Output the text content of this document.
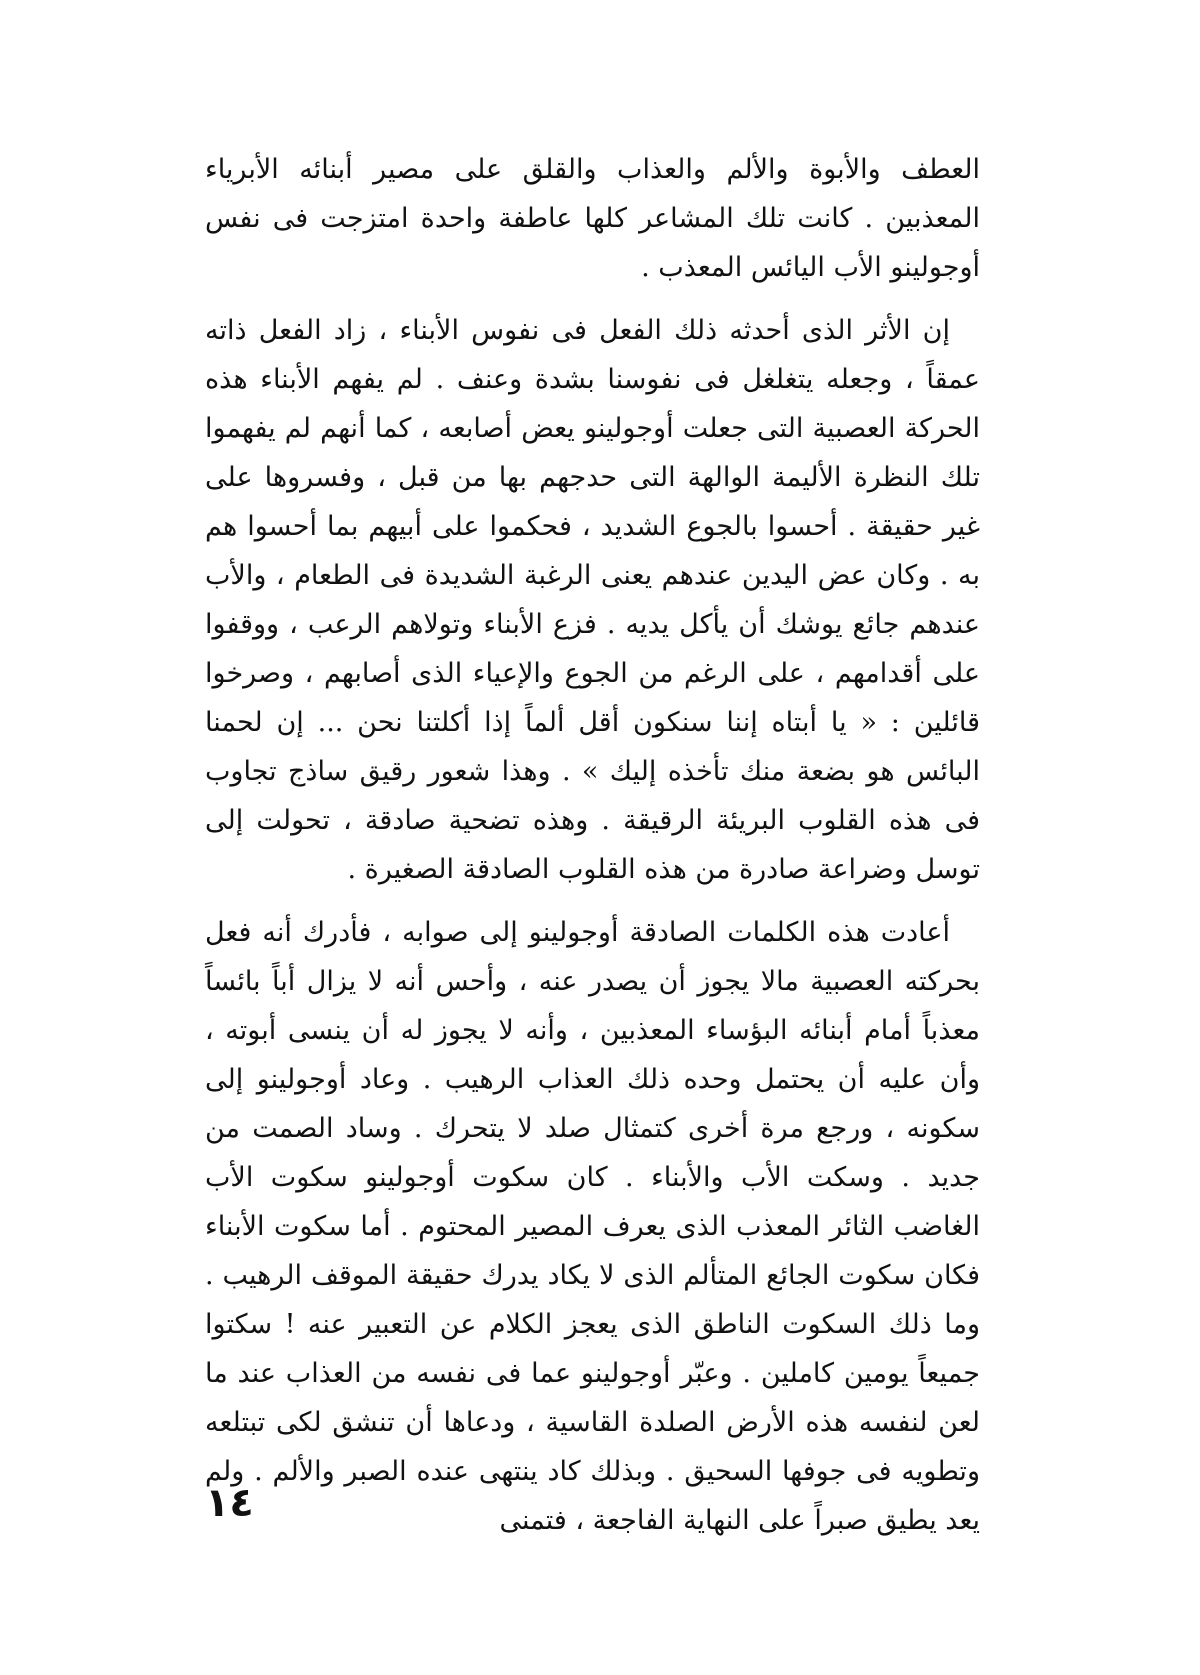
العطف والأبوة والألم والعذاب والقلق على مصير أبنائه الأبرياء المعذبين . كانت تلك المشاعر كلها عاطفة واحدة امتزجت فى نفس أوجولينو الأب اليائس المعذب .

إن الأثر الذى أحدثه ذلك الفعل فى نفوس الأبناء ، زاد الفعل ذاته عمقاً ، وجعله يتغلغل فى نفوسنا بشدة وعنف . لم يفهم الأبناء هذه الحركة العصبية التى جعلت أوجولينو يعض أصابعه ، كما أنهم لم يفهموا تلك النظرة الأليمة الوالهة التى حدجهم بها من قبل ، وفسروها على غير حقيقة . أحسوا بالجوع الشديد ، فحكموا على أبيهم بما أحسوا هم به . وكان عض اليدين عندهم يعنى الرغبة الشديدة فى الطعام ، والأب عندهم جائع يوشك أن يأكل يديه . فزع الأبناء وتولاهم الرعب ، ووقفوا على أقدامهم ، على الرغم من الجوع والإعياء الذى أصابهم ، وصرخوا قائلين : « يا أبتاه إننا سنكون أقل ألماً إذا أكلتنا نحن ... إن لحمنا البائس هو بضعة منك تأخذه إليك » . وهذا شعور رقيق ساذج تجاوب فى هذه القلوب البريئة الرقيقة . وهذه تضحية صادقة ، تحولت إلى توسل وضراعة صادرة من هذه القلوب الصادقة الصغيرة .

أعادت هذه الكلمات الصادقة أوجولينو إلى صوابه ، فأدرك أنه فعل بحركته العصبية مالا يجوز أن يصدر عنه ، وأحس أنه لا يزال أباً بائساً معذباً أمام أبنائه البؤساء المعذبين ، وأنه لا يجوز له أن ينسى أبوته ، وأن عليه أن يحتمل وحده ذلك العذاب الرهيب . وعاد أوجولينو إلى سكونه ، ورجع مرة أخرى كتمثال صلد لا يتحرك . وساد الصمت من جديد . وسكت الأب والأبناء . كان سكوت أوجولينو سكوت الأب الغاضب الثائر المعذب الذى يعرف المصير المحتوم . أما سكوت الأبناء فكان سكوت الجائع المتألم الذى لا يكاد يدرك حقيقة الموقف الرهيب . وما ذلك السكوت الناطق الذى يعجز الكلام عن التعبير عنه ! سكتوا جميعاً يومين كاملين . وعبّر أوجولينو عما فى نفسه من العذاب عند ما لعن لنفسه هذه الأرض الصلدة القاسية ، ودعاها أن تنشق لكى تبتلعه وتطويه فى جوفها السحيق . وبذلك كاد ينتهى عنده الصبر والألم . ولم يعد يطيق صبراً على النهاية الفاجعة ، فتمنى

١٤
